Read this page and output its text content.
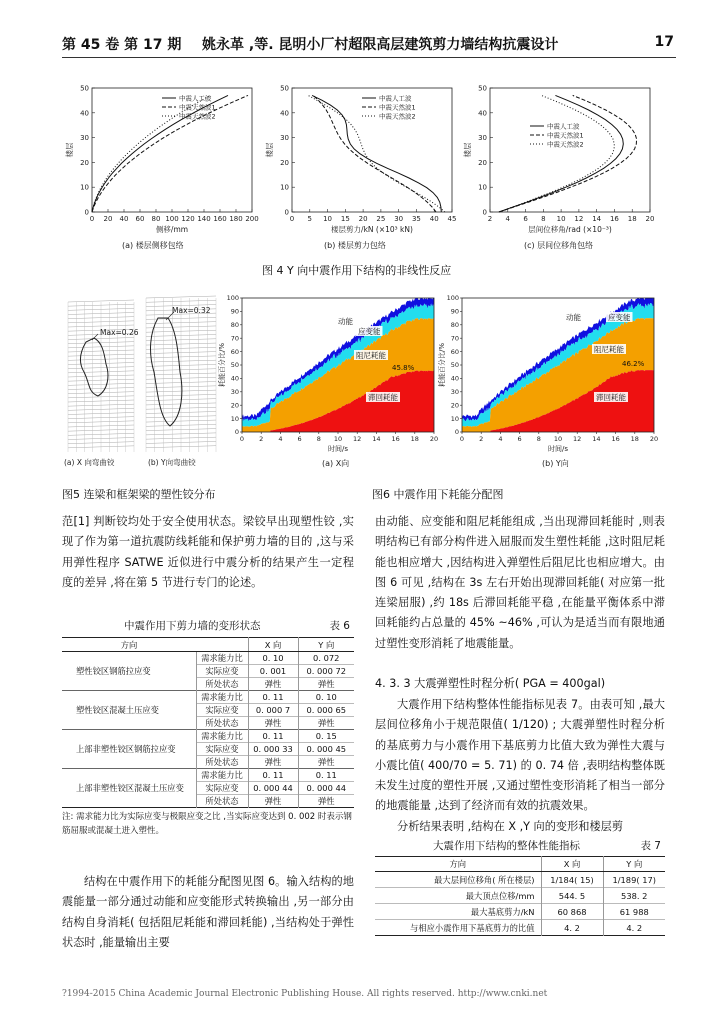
第 45 卷 第 17 期 姚永革 ,等. 昆明小厂村超限高层建筑剪力墙结构抗震设计	17
0 20 40 60 80 100 120 140 160 180 200
0
10
20
30
40
50
侧移/mm
楼层
中震人工波
中震天然波1
中震天然波2
0 5 10 15 20 25 30 35 40 45
0
10
20
30
40
50
楼层剪力/kN (×10³ kN)
楼层
中震人工波
中震天然波1
中震天然波2
2 4 6 8 10 12 14 16 18 20
0
10
20
30
40
50
层间位移角/rad (×10⁻³)
楼层
中震人工波
中震天然波1
中震天然波2
(a) 楼层侧移包络	(b) 楼层剪力包络	(c) 层间位移角包络
图 4 Y 向中震作用下结构的非线性反应
(a) X 向弯曲铰	(b) Y向弯曲铰
Max=0.26
Max=0.32
图5 连梁和框架梁的塑性铰分布
0 2 4 6 8 10 12 14 16 18 20
0
10
20
30
40
50
60
70
80
90
100
时间/s
耗能百分比/%
动能
应变能
阻尼耗能
45.8%
滞回耗能
0 2 4 6 8 10 12 14 16 18 20
0
10
20
30
40
50
60
70
80
90
100
时间/s
耗能百分比/%
动能	应变能
阻尼耗能
46.2%
滞回耗能
(a) X向	(b) Y向
图6 中震作用下耗能分配图

范[1] 判断铰均处于安全使用状态。梁铰早出现塑性铰 ,实现了作为第一道抗震防线耗能和保护剪力墙的目的 ,这与采用弹性程序 SATWE 近似进行中震分析的结果产生一定程度的差异 ,将在第 5 节进行专门的论述。

中震作用下剪力墙的变形状态	表 6
方向		X 向	Y 向
塑性铰区钢筋拉应变	需求能力比	0. 10	0. 072
	实际应变	0. 001	0. 000 72
	所处状态	弹性	弹性
塑性铰区混凝土压应变	需求能力比	0. 11	0. 10
	实际应变	0. 000 7	0. 000 65
	所处状态	弹性	弹性
上部非塑性铰区钢筋拉应变	需求能力比	0. 11	0. 15
	实际应变	0. 000 33	0. 000 45
	所处状态	弹性	弹性
上部非塑性铰区混凝土压应变	需求能力比	0. 11	0. 11
	实际应变	0. 000 44	0. 000 44
	所处状态	弹性	弹性
注: 需求能力比为实际应变与极限应变之比 ,当实际应变达到 0. 002 时表示钢筋屈服或混凝土进入塑性。

结构在中震作用下的耗能分配图见图 6。输入结构的地震能量一部分通过动能和应变能形式转换输出 ,另一部分由结构自身消耗( 包括阻尼耗能和滞回耗能) ,当结构处于弹性状态时 ,能量输出主要

由动能、应变能和阻尼耗能组成 ,当出现滞回耗能时 ,则表明结构已有部分构件进入屈服而发生塑性耗能 ,这时阻尼耗能也相应增大 ,因结构进入弹塑性后阻尼比也相应增大。由图 6 可见 ,结构在 3s 左右开始出现滞回耗能( 对应第一批连梁屈服) ,约 18s 后滞回耗能平稳 ,在能量平衡体系中滞回耗能约占总量的 45% ~46% ,可认为是适当而有限地通过塑性变形消耗了地震能量。

4. 3. 3 大震弹塑性时程分析( PGA = 400gal)

大震作用下结构整体性能指标见表 7。由表可知 ,最大层间位移角小于规范限值( 1/120) ; 大震弹塑性时程分析的基底剪力与小震作用下基底剪力比值大致为弹性大震与小震比值( 400/70 = 5. 71) 的 0. 74 倍 ,表明结构整体既未发生过度的塑性开展 ,又通过塑性变形消耗了相当一部分的地震能量 ,达到了经济而有效的抗震效果。

分析结果表明 ,结构在 X ,Y 向的变形和楼层剪

大震作用下结构的整体性能指标	表 7
方向	X 向	Y 向
最大层间位移角( 所在楼层)	1/184( 15)	1/189( 17)
最大顶点位移/mm	544. 5	538. 2
最大基底剪力/kN	60 868	61 988
与相应小震作用下基底剪力的比值	4. 2	4. 2
?1994-2015 China Academic Journal Electronic Publishing House. All rights reserved. http://www.cnki.net
